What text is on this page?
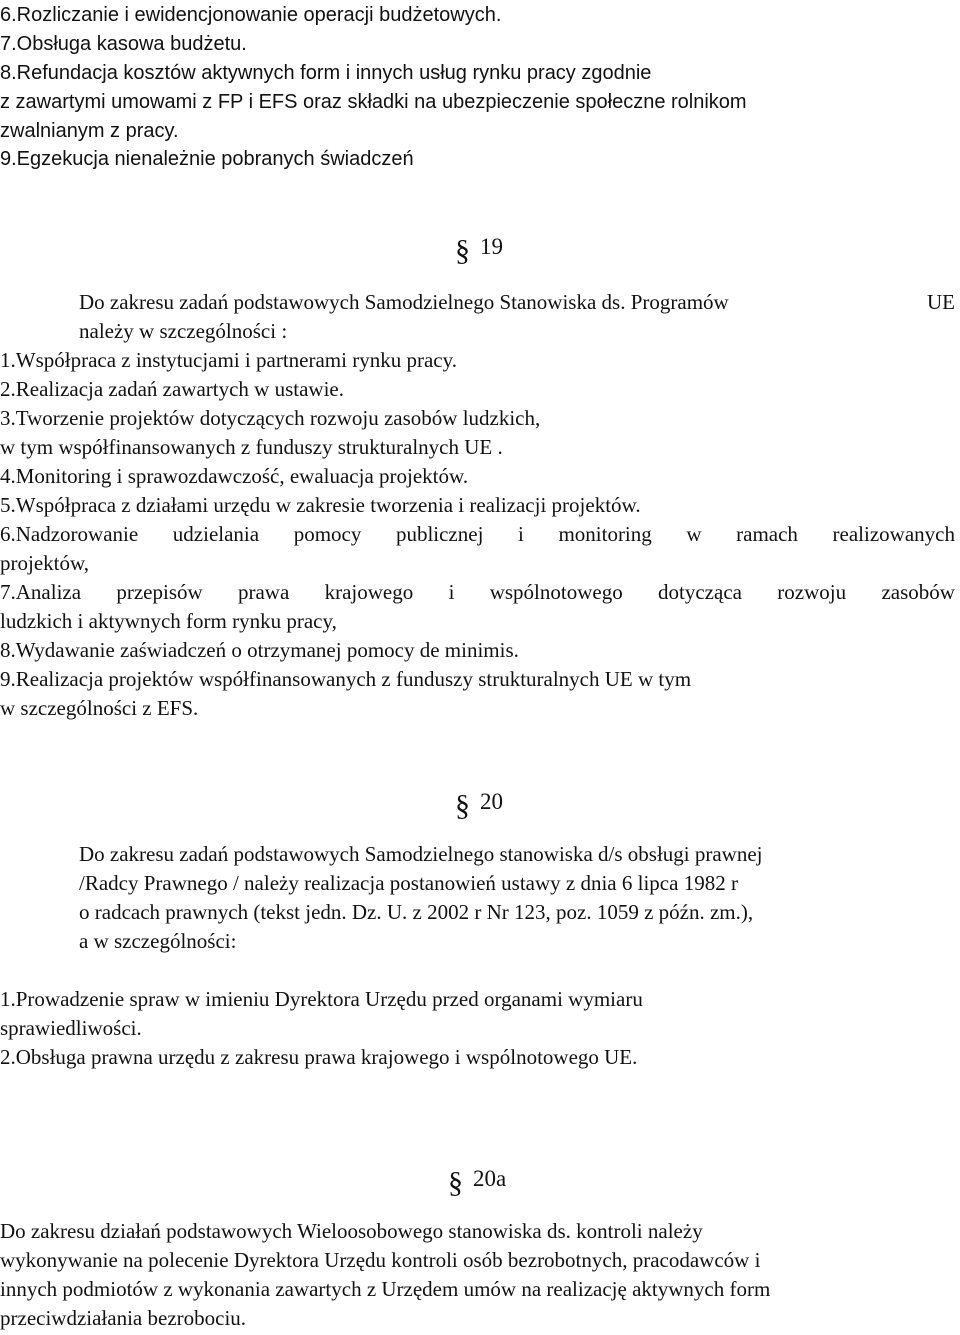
6.Rozliczanie i ewidencjonowanie operacji budżetowych.
7.Obsługa kasowa budżetu.
8.Refundacja kosztów aktywnych form i innych usług rynku pracy zgodnie
z zawartymi umowami z FP i EFS oraz składki na ubezpieczenie społeczne rolnikom
zwalnianym z pracy.
9.Egzekucja nienależnie pobranych świadczeń
§ 19
Do zakresu zadań podstawowych Samodzielnego Stanowiska ds. Programów	UE
należy w szczególności :
1.Współpraca z instytucjami i partnerami rynku pracy.
2.Realizacja zadań zawartych w ustawie.
3.Tworzenie projektów dotyczących rozwoju zasobów ludzkich,
w tym współfinansowanych z funduszy strukturalnych UE .
4.Monitoring i sprawozdawczość, ewaluacja projektów.
5.Współpraca z działami urzędu w zakresie tworzenia i realizacji projektów.
6.Nadzorowanie udzielania pomocy publicznej i monitoring w ramach realizowanych
projektów,
7.Analiza przepisów prawa krajowego i wspólnotowego dotycząca rozwoju zasobów
ludzkich i aktywnych form rynku pracy,
8.Wydawanie zaświadczeń o otrzymanej pomocy de minimis.
9.Realizacja projektów współfinansowanych z funduszy strukturalnych UE w tym
w szczególności z EFS.
§ 20
Do zakresu zadań podstawowych Samodzielnego stanowiska d/s obsługi prawnej
/Radcy Prawnego / należy realizacja postanowień ustawy z dnia 6 lipca 1982 r
o radcach prawnych (tekst jedn. Dz. U. z 2002 r Nr 123, poz. 1059 z późn. zm.),
a w szczególności:
1.Prowadzenie spraw w imieniu Dyrektora Urzędu przed organami wymiaru
sprawiedliwości.
2.Obsługa prawna urzędu z zakresu prawa krajowego i wspólnotowego UE.
§ 20a
Do zakresu działań podstawowych Wieloosobowego stanowiska ds. kontroli należy
wykonywanie na polecenie Dyrektora Urzędu kontroli osób bezrobotnych, pracodawców i
innych podmiotów z wykonania zawartych z Urzędem umów na realizację aktywnych form
przeciwdziałania bezrobociu.
